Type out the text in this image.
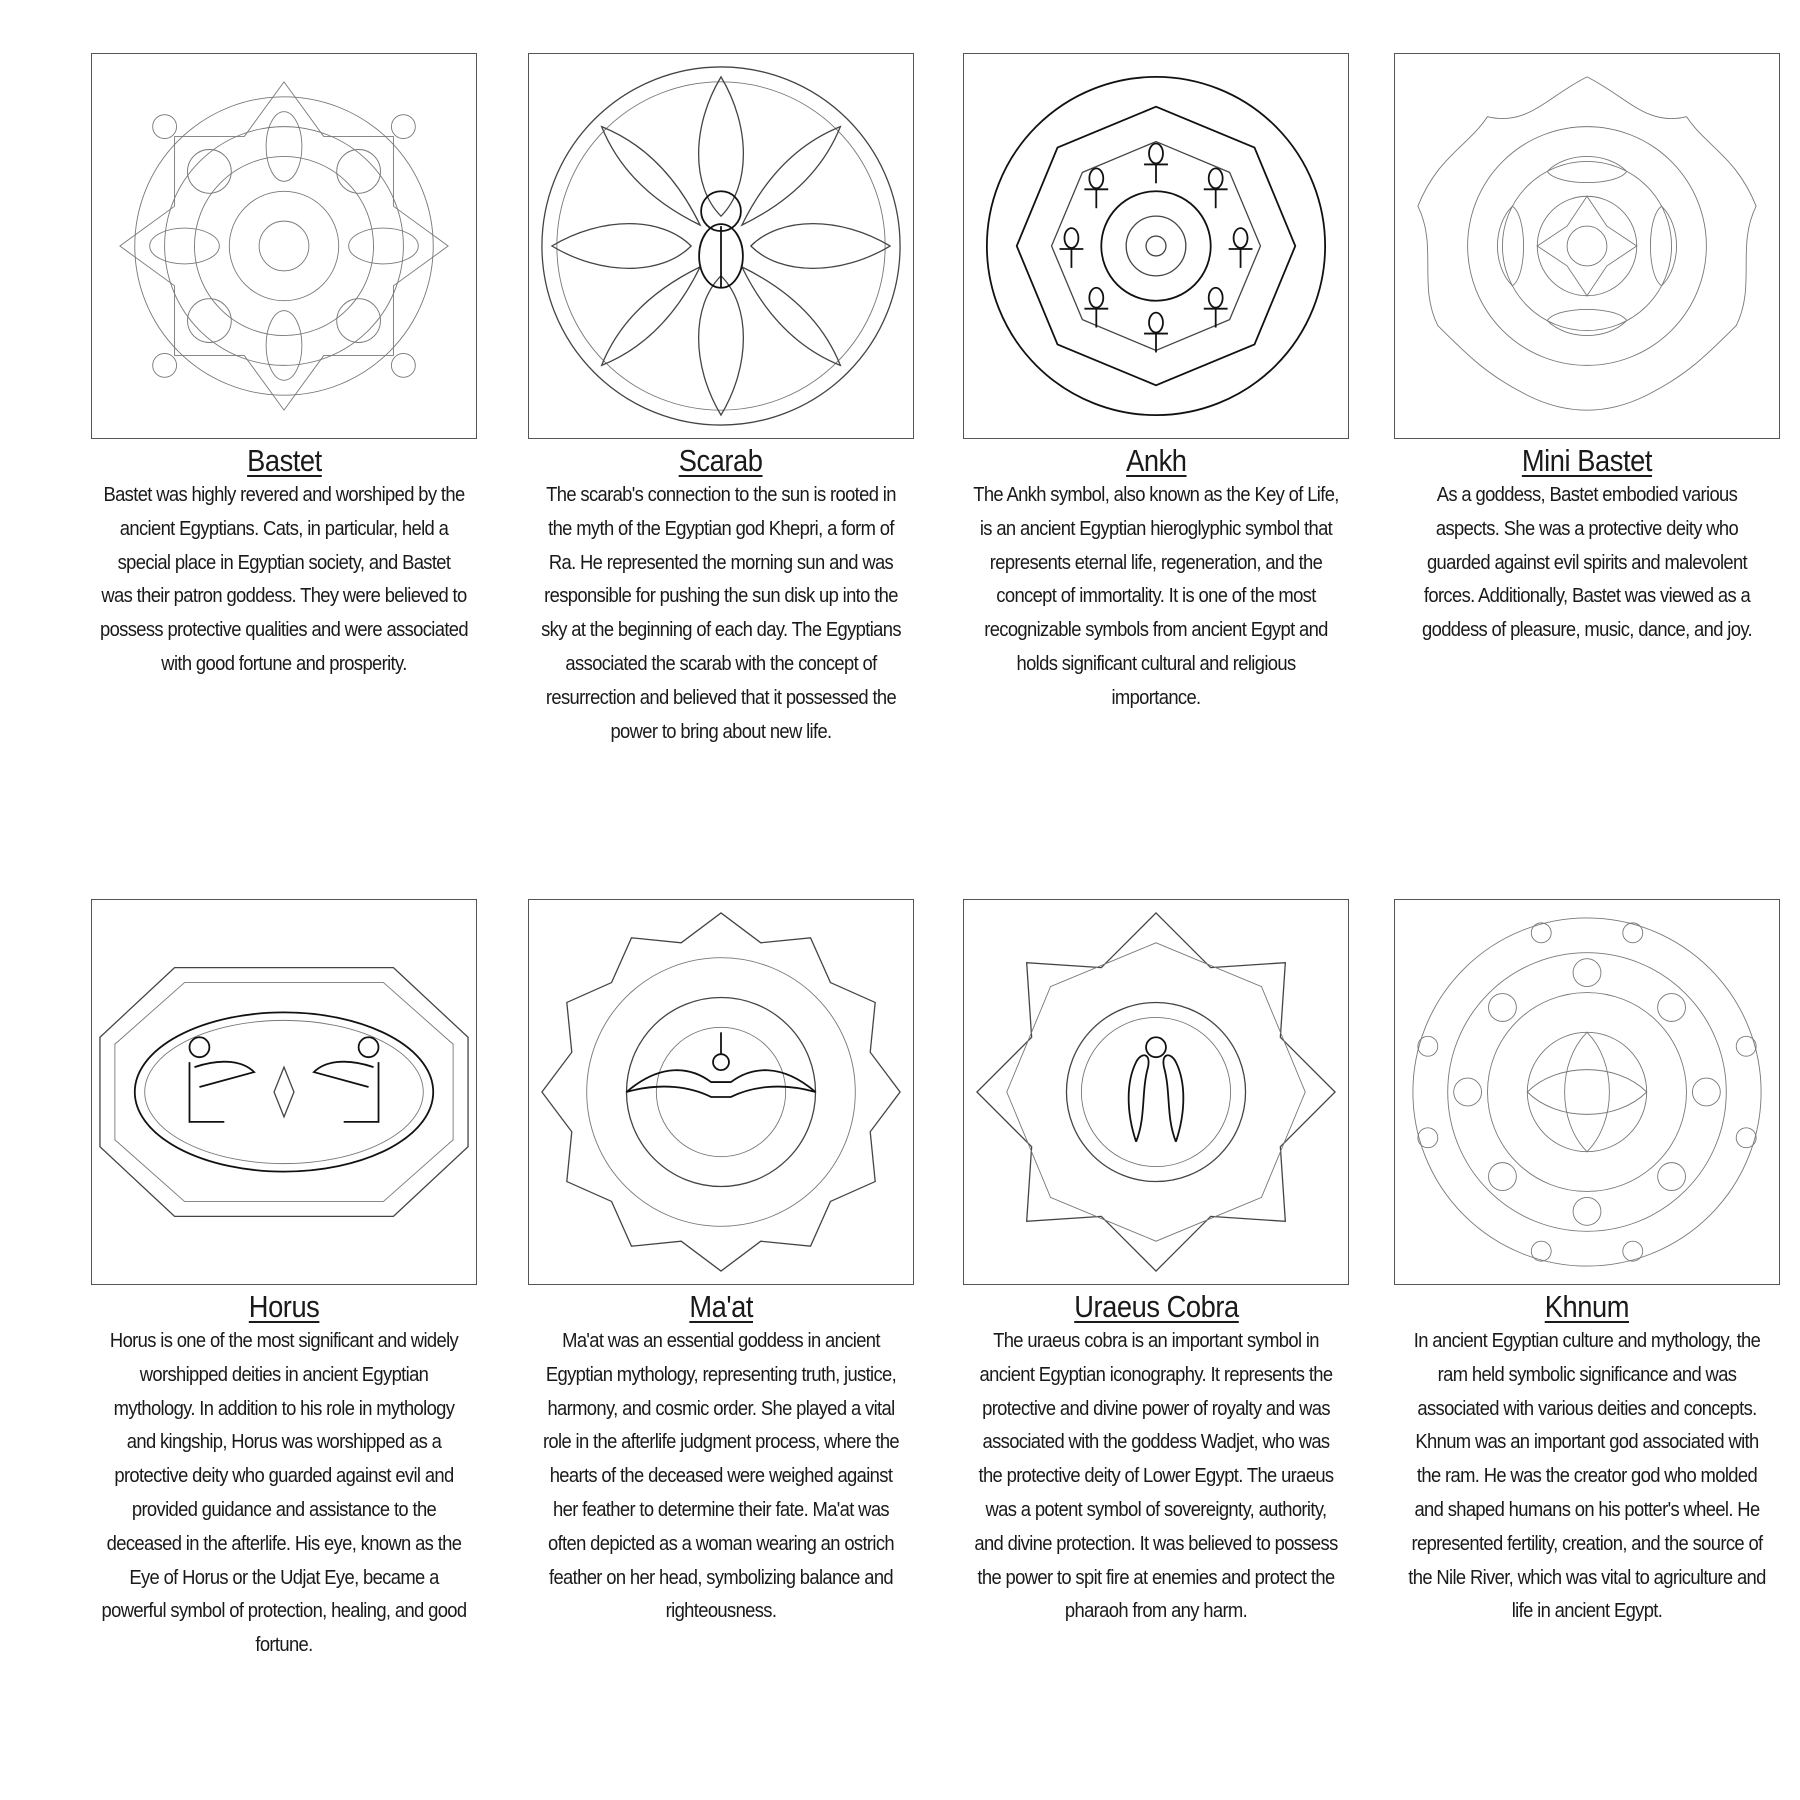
Bastet

Bastet was highly revered and worshiped by the ancient Egyptians. Cats, in particular, held a special place in Egyptian society, and Bastet was their patron goddess. They were believed to possess protective qualities and were associated with good fortune and prosperity.

Scarab

The scarab's connection to the sun is rooted in the myth of the Egyptian god Khepri, a form of Ra. He represented the morning sun and was responsible for pushing the sun disk up into the sky at the beginning of each day. The Egyptians associated the scarab with the concept of resurrection and believed that it possessed the power to bring about new life.

Ankh

The Ankh symbol, also known as the Key of Life, is an ancient Egyptian hieroglyphic symbol that represents eternal life, regeneration, and the concept of immortality. It is one of the most recognizable symbols from ancient Egypt and holds significant cultural and religious importance.

Mini Bastet

As a goddess, Bastet embodied various aspects. She was a protective deity who guarded against evil spirits and malevolent forces. Additionally, Bastet was viewed as a goddess of pleasure, music, dance, and joy.

Horus

Horus is one of the most significant and widely worshipped deities in ancient Egyptian mythology. In addition to his role in mythology and kingship, Horus was worshipped as a protective deity who guarded against evil and provided guidance and assistance to the deceased in the afterlife. His eye, known as the Eye of Horus or the Udjat Eye, became a powerful symbol of protection, healing, and good fortune.

Ma'at

Ma'at was an essential goddess in ancient Egyptian mythology, representing truth, justice, harmony, and cosmic order. She played a vital role in the afterlife judgment process, where the hearts of the deceased were weighed against her feather to determine their fate. Ma'at was often depicted as a woman wearing an ostrich feather on her head, symbolizing balance and righteousness.

Uraeus Cobra

The uraeus cobra is an important symbol in ancient Egyptian iconography. It represents the protective and divine power of royalty and was associated with the goddess Wadjet, who was the protective deity of Lower Egypt. The uraeus was a potent symbol of sovereignty, authority, and divine protection. It was believed to possess the power to spit fire at enemies and protect the pharaoh from any harm.

Khnum

In ancient Egyptian culture and mythology, the ram held symbolic significance and was associated with various deities and concepts. Khnum was an important god associated with the ram. He was the creator god who molded and shaped humans on his potter's wheel. He represented fertility, creation, and the source of the Nile River, which was vital to agriculture and life in ancient Egypt.
